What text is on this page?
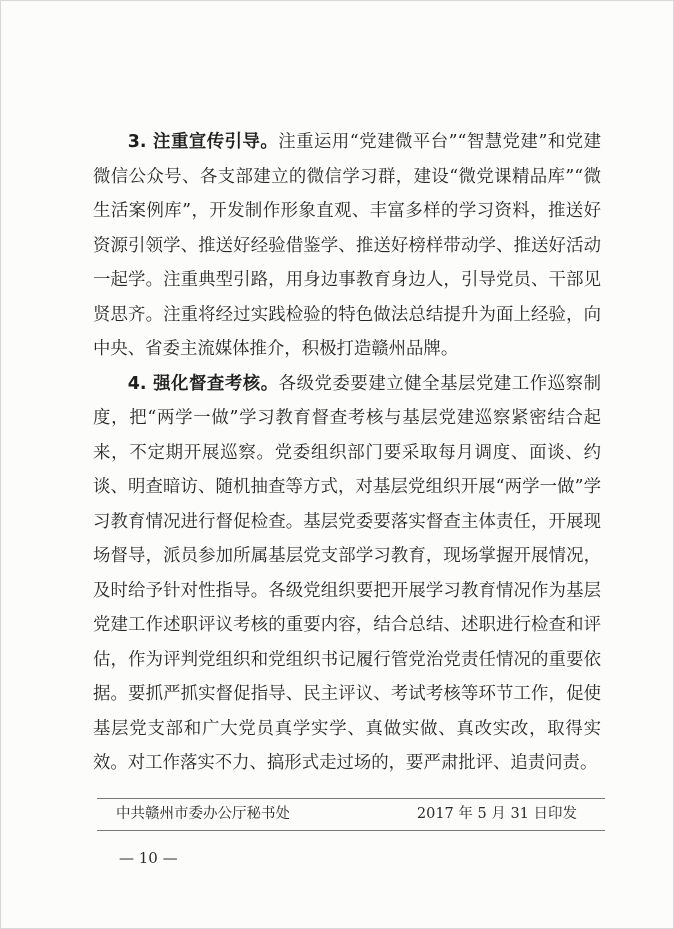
3. 注重宣传引导。注重运用“党建微平台”“智慧党建”和党建微信公众号、各支部建立的微信学习群，建设“微党课精品库”“微生活案例库”，开发制作形象直观、丰富多样的学习资料，推送好资源引领学、推送好经验借鉴学、推送好榜样带动学、推送好活动一起学。注重典型引路，用身边事教育身边人，引导党员、干部见贤思齐。注重将经过实践检验的特色做法总结提升为面上经验，向中央、省委主流媒体推介，积极打造赣州品牌。

4. 强化督查考核。各级党委要建立健全基层党建工作巡察制度，把“两学一做”学习教育督查考核与基层党建巡察紧密结合起来，不定期开展巡察。党委组织部门要采取每月调度、面谈、约谈、明查暗访、随机抽查等方式，对基层党组织开展“两学一做”学习教育情况进行督促检查。基层党委要落实督查主体责任，开展现场督导，派员参加所属基层党支部学习教育，现场掌握开展情况，及时给予针对性指导。各级党组织要把开展学习教育情况作为基层党建工作述职评议考核的重要内容，结合总结、述职进行检查和评估，作为评判党组织和党组织书记履行管党治党责任情况的重要依据。要抓严抓实督促指导、民主评议、考试考核等环节工作，促使基层党支部和广大党员真学实学、真做实做、真改实改，取得实效。对工作落实不力、搞形式走过场的，要严肃批评、追责问责。

中共赣州市委办公厅秘书处	2017 年 5 月 31 日印发
— 10 —
